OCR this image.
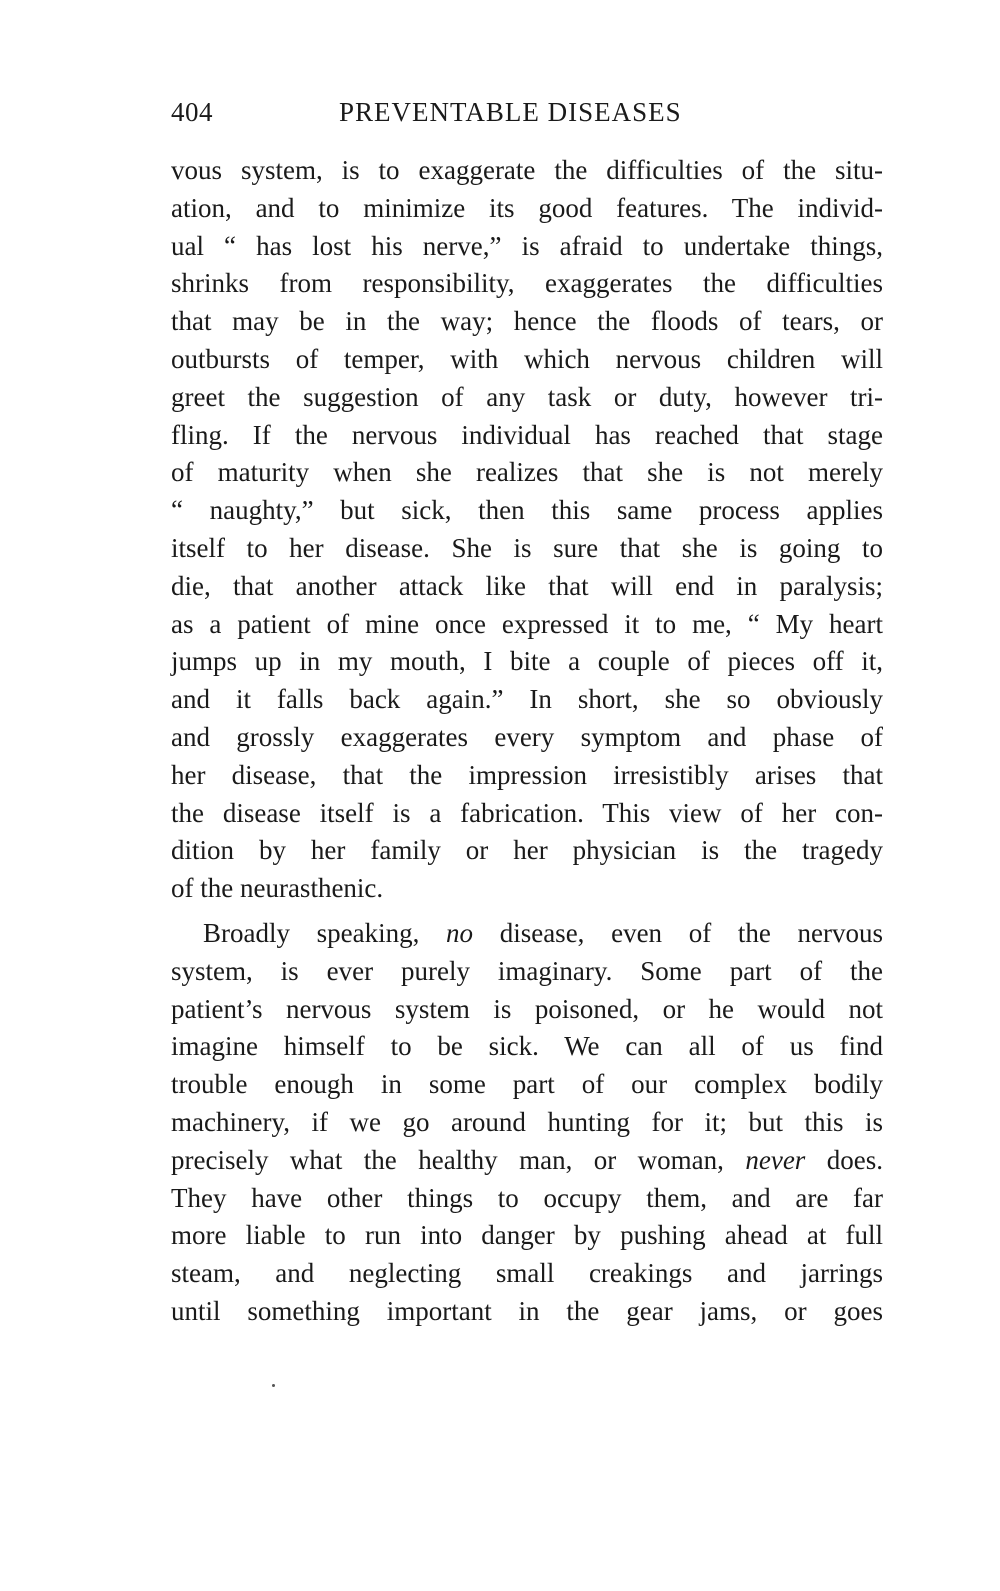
404	PREVENTABLE DISEASES
vous system, is to exaggerate the difficulties of the situ-
ation, and to minimize its good features. The individ-
ual “ has lost his nerve,” is afraid to undertake things,
shrinks from responsibility, exaggerates the difficulties
that may be in the way; hence the floods of tears, or
outbursts of temper, with which nervous children will
greet the suggestion of any task or duty, however tri-
fling. If the nervous individual has reached that stage
of maturity when she realizes that she is not merely
“ naughty,” but sick, then this same process applies
itself to her disease. She is sure that she is going to
die, that another attack like that will end in paralysis;
as a patient of mine once expressed it to me, “ My heart
jumps up in my mouth, I bite a couple of pieces off it,
and it falls back again.” In short, she so obviously
and grossly exaggerates every symptom and phase of
her disease, that the impression irresistibly arises that
the disease itself is a fabrication. This view of her con-
dition by her family or her physician is the tragedy
of the neurasthenic.
Broadly speaking, no disease, even of the nervous
system, is ever purely imaginary. Some part of the
patient’s nervous system is poisoned, or he would not
imagine himself to be sick. We can all of us find
trouble enough in some part of our complex bodily
machinery, if we go around hunting for it; but this is
precisely what the healthy man, or woman, never does.
They have other things to occupy them, and are far
more liable to run into danger by pushing ahead at full
steam, and neglecting small creakings and jarrings
until something important in the gear jams, or goes
